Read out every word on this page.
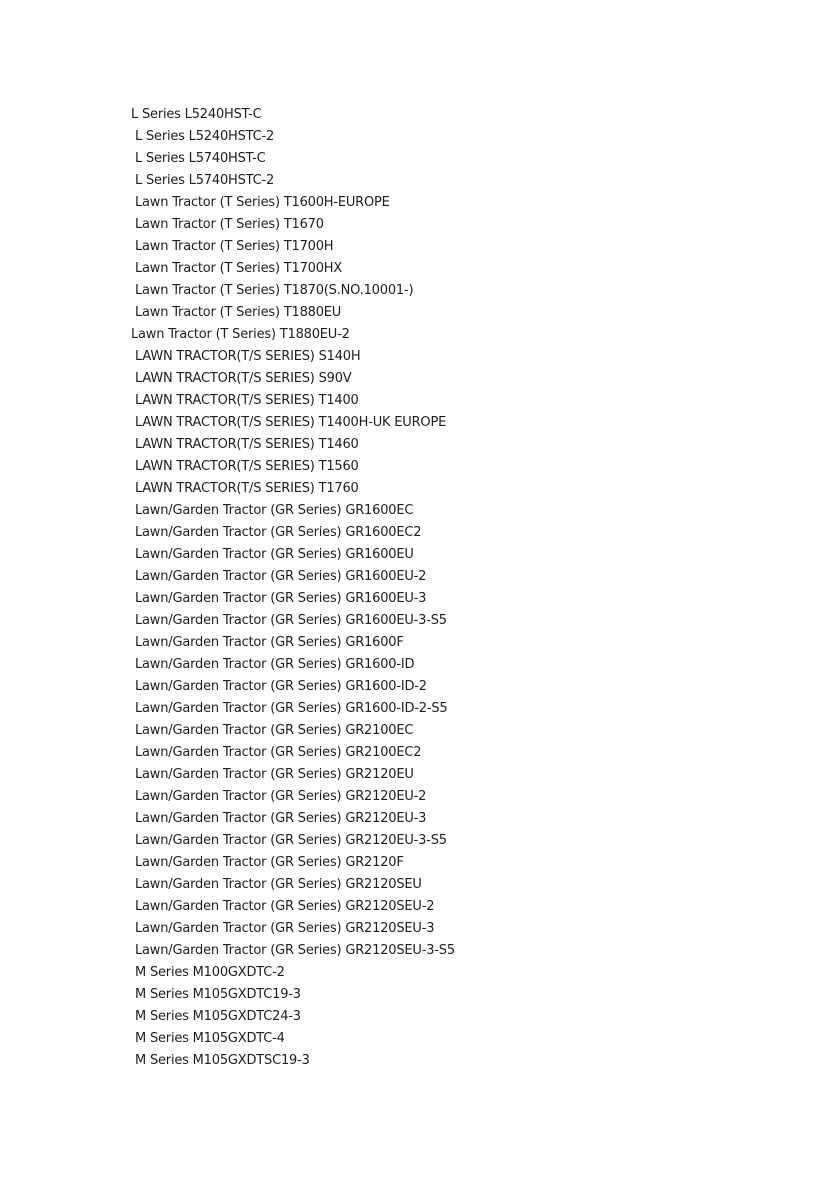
L Series L5240HST-C
L Series L5240HSTC-2
L Series L5740HST-C
L Series L5740HSTC-2
Lawn Tractor (T Series) T1600H-EUROPE
Lawn Tractor (T Series) T1670
Lawn Tractor (T Series) T1700H
Lawn Tractor (T Series) T1700HX
Lawn Tractor (T Series) T1870(S.NO.10001-)
Lawn Tractor (T Series) T1880EU
Lawn Tractor (T Series) T1880EU-2
LAWN TRACTOR(T/S SERIES) S140H
LAWN TRACTOR(T/S SERIES) S90V
LAWN TRACTOR(T/S SERIES) T1400
LAWN TRACTOR(T/S SERIES) T1400H-UK EUROPE
LAWN TRACTOR(T/S SERIES) T1460
LAWN TRACTOR(T/S SERIES) T1560
LAWN TRACTOR(T/S SERIES) T1760
Lawn/Garden Tractor (GR Series) GR1600EC
Lawn/Garden Tractor (GR Series) GR1600EC2
Lawn/Garden Tractor (GR Series) GR1600EU
Lawn/Garden Tractor (GR Series) GR1600EU-2
Lawn/Garden Tractor (GR Series) GR1600EU-3
Lawn/Garden Tractor (GR Series) GR1600EU-3-S5
Lawn/Garden Tractor (GR Series) GR1600F
Lawn/Garden Tractor (GR Series) GR1600-ID
Lawn/Garden Tractor (GR Series) GR1600-ID-2
Lawn/Garden Tractor (GR Series) GR1600-ID-2-S5
Lawn/Garden Tractor (GR Series) GR2100EC
Lawn/Garden Tractor (GR Series) GR2100EC2
Lawn/Garden Tractor (GR Series) GR2120EU
Lawn/Garden Tractor (GR Series) GR2120EU-2
Lawn/Garden Tractor (GR Series) GR2120EU-3
Lawn/Garden Tractor (GR Series) GR2120EU-3-S5
Lawn/Garden Tractor (GR Series) GR2120F
Lawn/Garden Tractor (GR Series) GR2120SEU
Lawn/Garden Tractor (GR Series) GR2120SEU-2
Lawn/Garden Tractor (GR Series) GR2120SEU-3
Lawn/Garden Tractor (GR Series) GR2120SEU-3-S5
M Series M100GXDTC-2
M Series M105GXDTC19-3
M Series M105GXDTC24-3
M Series M105GXDTC-4
M Series M105GXDTSC19-3
